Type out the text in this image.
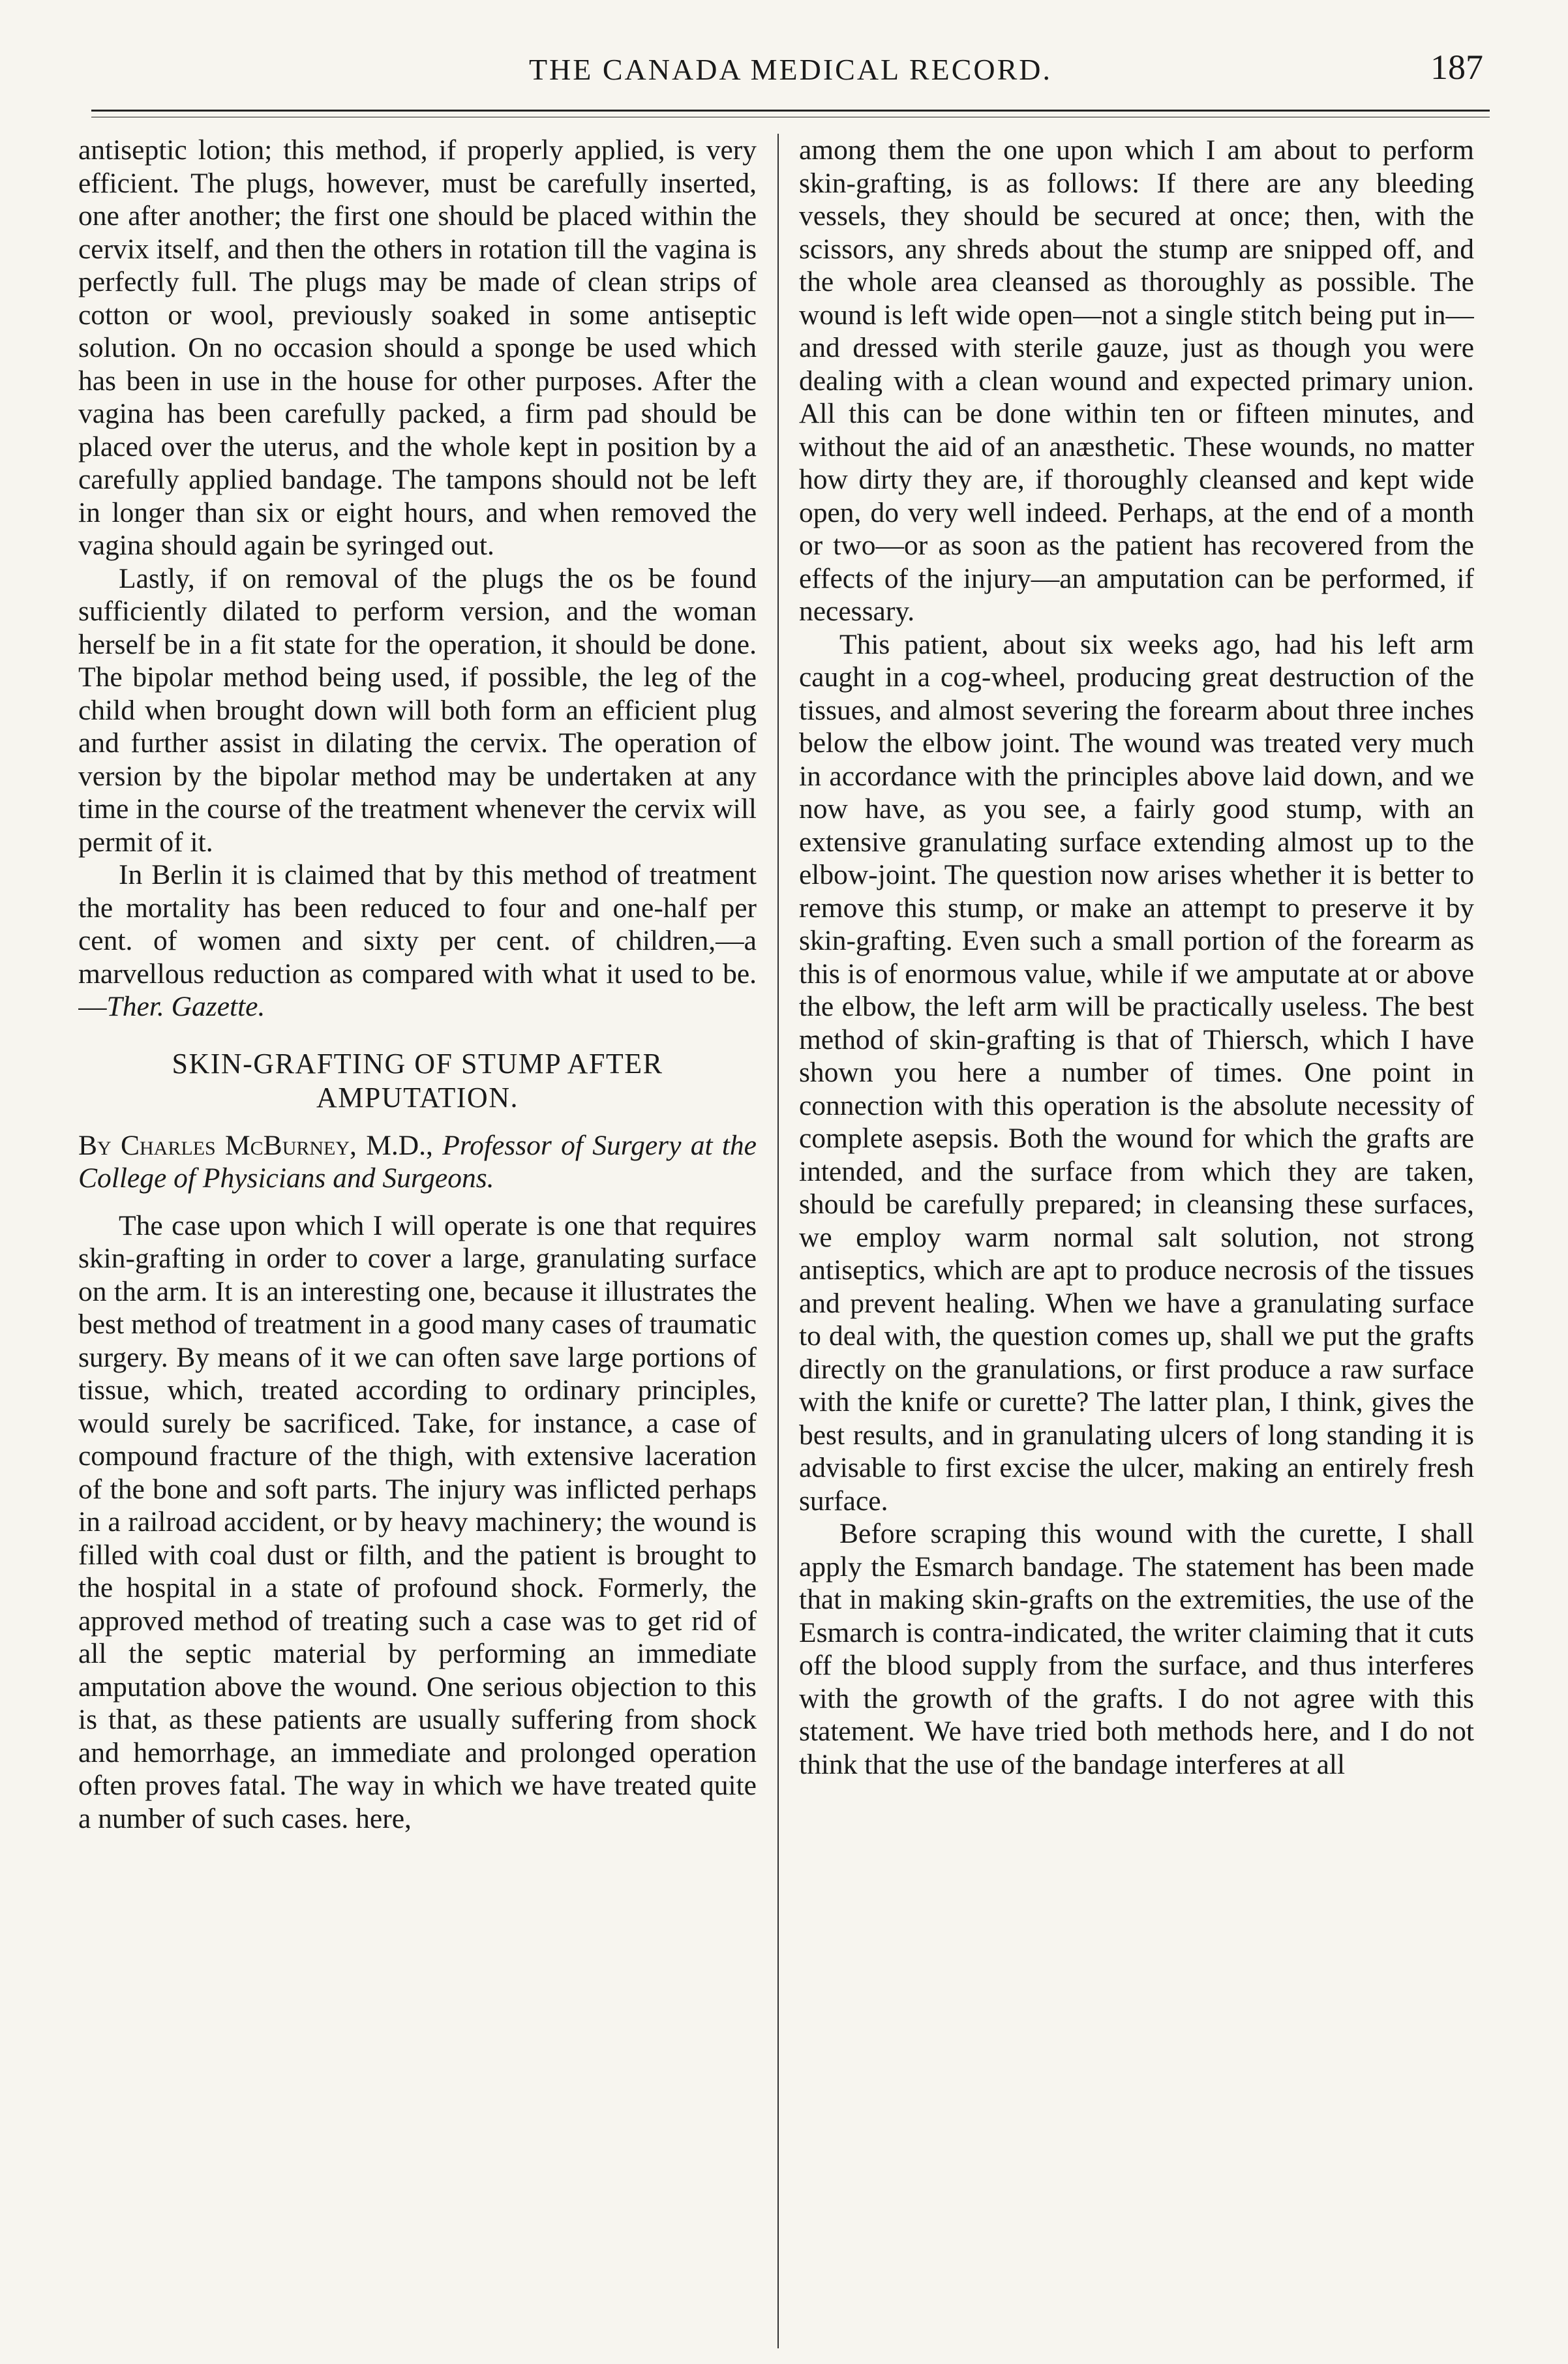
THE CANADA MEDICAL RECORD.	187

antiseptic lotion; this method, if properly applied, is very efficient. The plugs, however, must be carefully inserted, one after another; the first one should be placed within the cervix itself, and then the others in rotation till the vagina is perfectly full. The plugs may be made of clean strips of cotton or wool, previously soaked in some antiseptic solution. On no occasion should a sponge be used which has been in use in the house for other purposes. After the vagina has been carefully packed, a firm pad should be placed over the uterus, and the whole kept in position by a carefully applied bandage. The tampons should not be left in longer than six or eight hours, and when removed the vagina should again be syringed out.

Lastly, if on removal of the plugs the os be found sufficiently dilated to perform version, and the woman herself be in a fit state for the operation, it should be done. The bipolar method being used, if possible, the leg of the child when brought down will both form an efficient plug and further assist in dilating the cervix. The operation of version by the bipolar method may be undertaken at any time in the course of the treatment whenever the cervix will permit of it.

In Berlin it is claimed that by this method of treatment the mortality has been reduced to four and one-half per cent. of women and sixty per cent. of children,—a marvellous reduction as compared with what it used to be.—Ther. Gazette.

SKIN-GRAFTING OF STUMP AFTER AMPUTATION.

By Charles McBurney, M.D., Professor of Surgery at the College of Physicians and Surgeons.

The case upon which I will operate is one that requires skin-grafting in order to cover a large, granulating surface on the arm. It is an interesting one, because it illustrates the best method of treatment in a good many cases of traumatic surgery. By means of it we can often save large portions of tissue, which, treated according to ordinary principles, would surely be sacrificed. Take, for instance, a case of compound fracture of the thigh, with extensive laceration of the bone and soft parts. The injury was inflicted perhaps in a railroad accident, or by heavy machinery; the wound is filled with coal dust or filth, and the patient is brought to the hospital in a state of profound shock. Formerly, the approved method of treating such a case was to get rid of all the septic material by performing an immediate amputation above the wound. One serious objection to this is that, as these patients are usually suffering from shock and hemorrhage, an immediate and prolonged operation often proves fatal. The way in which we have treated quite a number of such cases. here,

among them the one upon which I am about to perform skin-grafting, is as follows: If there are any bleeding vessels, they should be secured at once; then, with the scissors, any shreds about the stump are snipped off, and the whole area cleansed as thoroughly as possible. The wound is left wide open—not a single stitch being put in—and dressed with sterile gauze, just as though you were dealing with a clean wound and expected primary union. All this can be done within ten or fifteen minutes, and without the aid of an anæsthetic. These wounds, no matter how dirty they are, if thoroughly cleansed and kept wide open, do very well indeed. Perhaps, at the end of a month or two—or as soon as the patient has recovered from the effects of the injury—an amputation can be performed, if necessary.

This patient, about six weeks ago, had his left arm caught in a cog-wheel, producing great destruction of the tissues, and almost severing the forearm about three inches below the elbow joint. The wound was treated very much in accordance with the principles above laid down, and we now have, as you see, a fairly good stump, with an extensive granulating surface extending almost up to the elbow-joint. The question now arises whether it is better to remove this stump, or make an attempt to preserve it by skin-grafting. Even such a small portion of the forearm as this is of enormous value, while if we amputate at or above the elbow, the left arm will be practically useless. The best method of skin-grafting is that of Thiersch, which I have shown you here a number of times. One point in connection with this operation is the absolute necessity of complete asepsis. Both the wound for which the grafts are intended, and the surface from which they are taken, should be carefully prepared; in cleansing these surfaces, we employ warm normal salt solution, not strong antiseptics, which are apt to produce necrosis of the tissues and prevent healing. When we have a granulating surface to deal with, the question comes up, shall we put the grafts directly on the granulations, or first produce a raw surface with the knife or curette? The latter plan, I think, gives the best results, and in granulating ulcers of long standing it is advisable to first excise the ulcer, making an entirely fresh surface.

Before scraping this wound with the curette, I shall apply the Esmarch bandage. The statement has been made that in making skin-grafts on the extremities, the use of the Esmarch is contra-indicated, the writer claiming that it cuts off the blood supply from the surface, and thus interferes with the growth of the grafts. I do not agree with this statement. We have tried both methods here, and I do not think that the use of the bandage interferes at all
